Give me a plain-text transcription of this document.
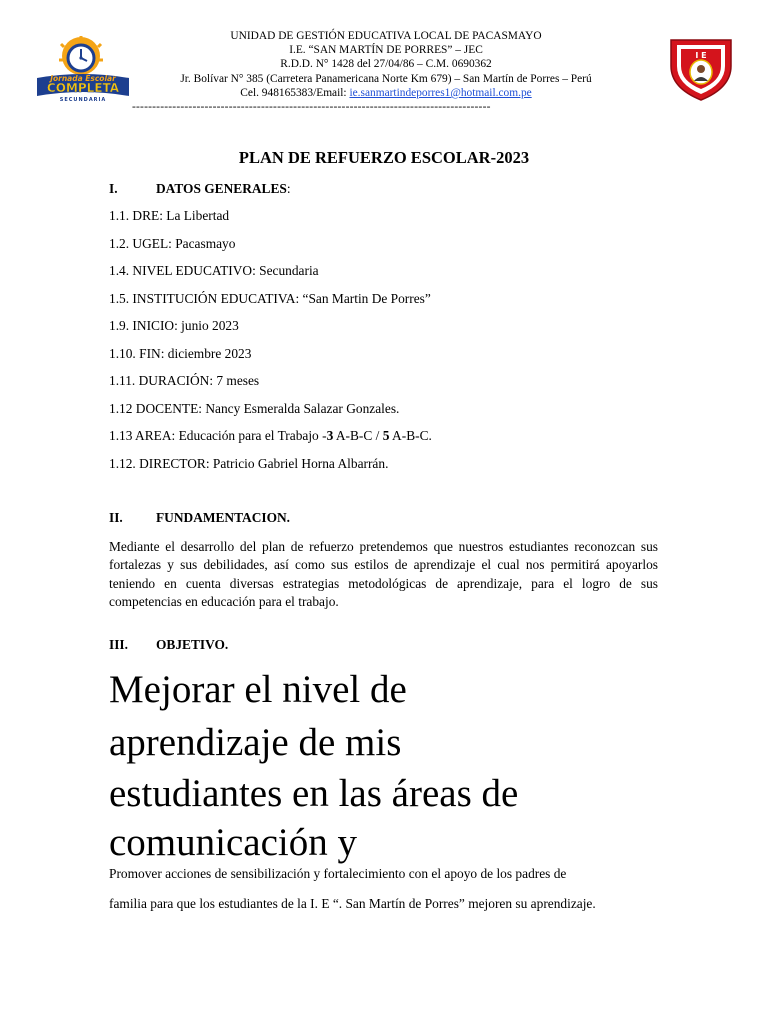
Jornada Escolar
COMPLETA
SECUNDARIA
UNIDAD DE GESTIÓN EDUCATIVA LOCAL DE PACASMAYO
I.E. “SAN MARTÍN DE PORRES” – JEC
R.D.D. N° 1428 del 27/04/86 – C.M. 0690362
Jr. Bolívar N° 385 (Carretera Panamericana Norte Km 679) – San Martín de Porres – Perú
Cel. 948165383/Email: ie.sanmartindeporres1@hotmail.com.pe
-----------------------------------------------------------------------------------------
I E
PLAN DE REFUERZO ESCOLAR-2023
I.	DATOS GENERALES:
1.1. DRE: La Libertad
1.2. UGEL: Pacasmayo
1.4. NIVEL EDUCATIVO: Secundaria
1.5. INSTITUCIÓN EDUCATIVA: “San Martin De Porres”
1.9. INICIO: junio 2023
1.10. FIN: diciembre 2023
1.11. DURACIÓN: 7 meses
1.12 DOCENTE: Nancy Esmeralda Salazar Gonzales.
1.13 AREA: Educación para el Trabajo -3 A-B-C / 5 A-B-C.
1.12. DIRECTOR: Patricio Gabriel Horna Albarrán.
II. FUNDAMENTACION.
Mediante el desarrollo del plan de refuerzo pretendemos que nuestros estudiantes reconozcan sus fortalezas y sus debilidades, así como sus estilos de aprendizaje el cual nos permitirá apoyarlos teniendo en cuenta diversas estrategias metodológicas de aprendizaje, para el logro de sus competencias en educación para el trabajo.
III. OBJETIVO.
Mejorar el nivel de
aprendizaje de mis
estudiantes en las áreas de
comunicación y
Promover acciones de sensibilización y fortalecimiento con el apoyo de los padres de
familia para que los estudiantes de la I. E “. San Martín de Porres” mejoren su aprendizaje.
